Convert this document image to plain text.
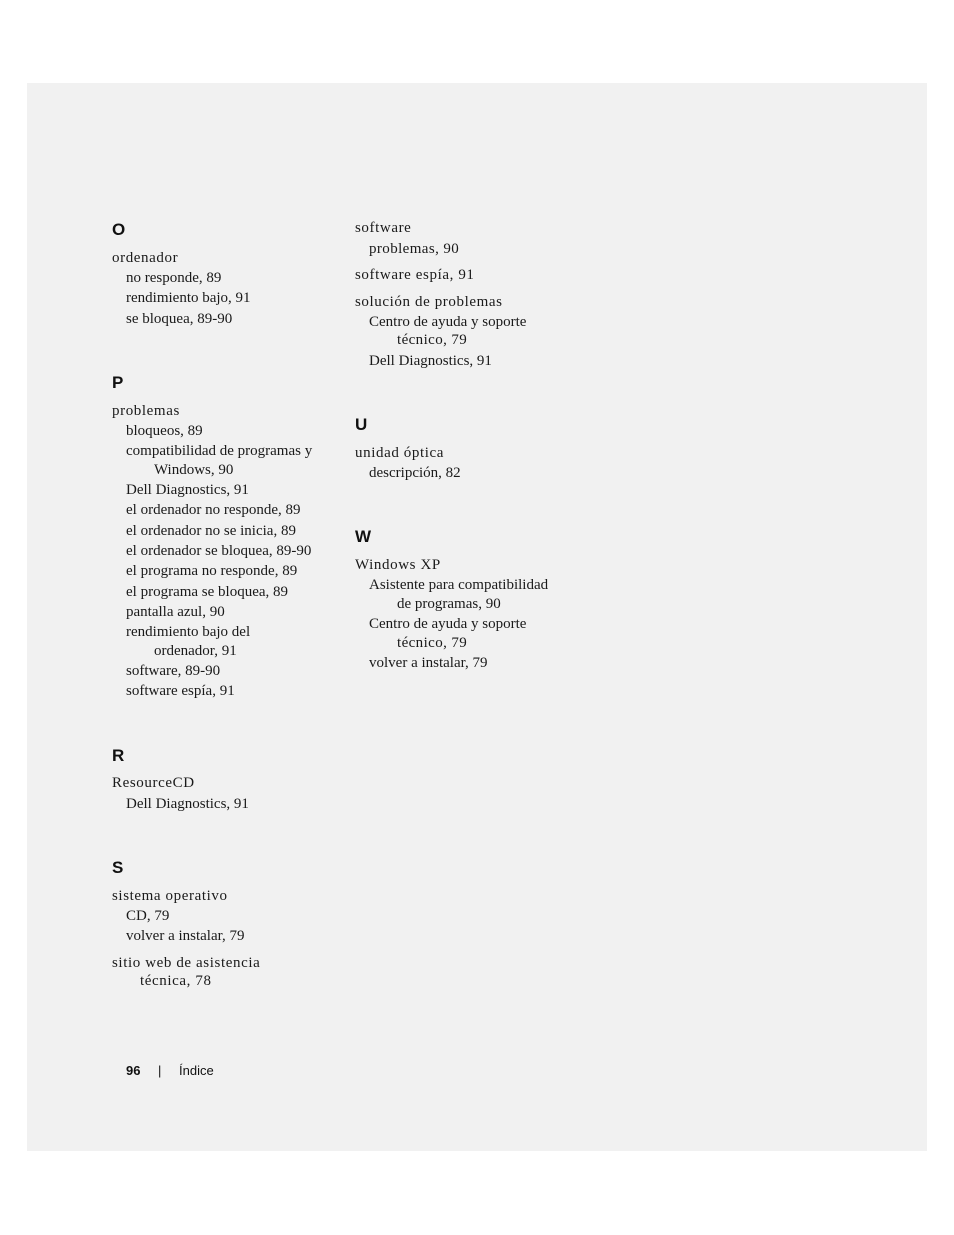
O
ordenador
no responde, 89
rendimiento bajo, 91
se bloquea, 89-90
P
problemas
bloqueos, 89
compatibilidad de programas y
Windows, 90
Dell Diagnostics, 91
el ordenador no responde, 89
el ordenador no se inicia, 89
el ordenador se bloquea, 89-90
el programa no responde, 89
el programa se bloquea, 89
pantalla azul, 90
rendimiento bajo del
ordenador, 91
software, 89-90
software espía, 91
R
ResourceCD
Dell Diagnostics, 91
S
sistema operativo
CD, 79
volver a instalar, 79
sitio web de asistencia
técnica, 78
software
problemas, 90
software espía, 91
solución de problemas
Centro de ayuda y soporte
técnico, 79
Dell Diagnostics, 91
U
unidad óptica
descripción, 82
W
Windows XP
Asistente para compatibilidad
de programas, 90
Centro de ayuda y soporte
técnico, 79
volver a instalar, 79
96 | Índice
